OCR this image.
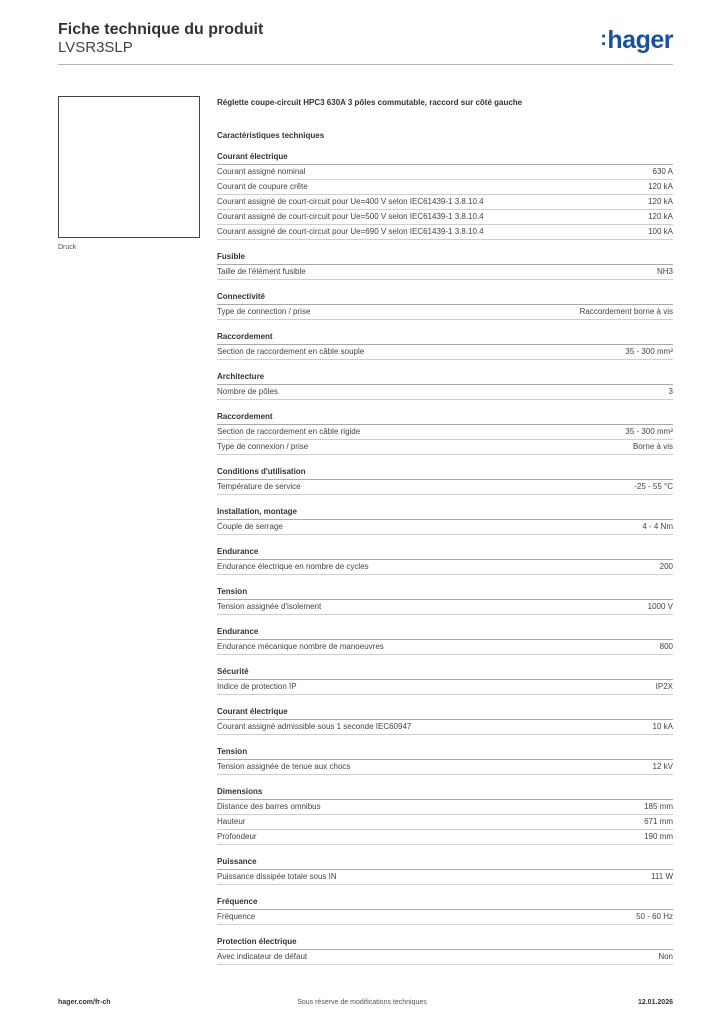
Fiche technique du produit
LVSR3SLP	:hager
Druck
Réglette coupe-circuit HPC3 630A 3 pôles commutable, raccord sur côté gauche
Caractéristiques techniques
Courant électrique
Courant assigné nominal	630 A
Courant de coupure crête	120 kA
Courant assigné de court-circuit pour Ue=400 V selon IEC61439-1 3.8.10.4	120 kA
Courant assigné de court-circuit pour Ue=500 V selon IEC61439-1 3.8.10.4	120 kA
Courant assigné de court-circuit pour Ue=690 V selon IEC61439-1 3.8.10.4	100 kA
Fusible
Taille de l'élément fusible	NH3
Connectivité
Type de connection / prise	Raccordement borne à vis
Raccordement
Section de raccordement en câble souple	35 - 300 mm²
Architecture
Nombre de pôles	3
Raccordement
Section de raccordement en câble rigide	35 - 300 mm²
Type de connexion / prise	Borne à vis
Conditions d'utilisation
Température de service	-25 - 55 °C
Installation, montage
Couple de serrage	4 - 4 Nm
Endurance
Endurance électrique en nombre de cycles	200
Tension
Tension assignée d'isolement	1000 V
Endurance
Endurance mécanique nombre de manoeuvres	800
Sécurité
Indice de protection IP	IP2X
Courant électrique
Courant assigné admissible sous 1 seconde IEC60947	10 kA
Tension
Tension assignée de tenue aux chocs	12 kV
Dimensions
Distance des barres omnibus	185 mm
Hauteur	671 mm
Profondeur	190 mm
Puissance
Puissance dissipée totale sous IN	111 W
Fréquence
Fréquence	50 - 60 Hz
Protection électrique
Avec indicateur de défaut	Non
hager.com/fr-ch	Sous réserve de modifications techniques	12.01.2026
